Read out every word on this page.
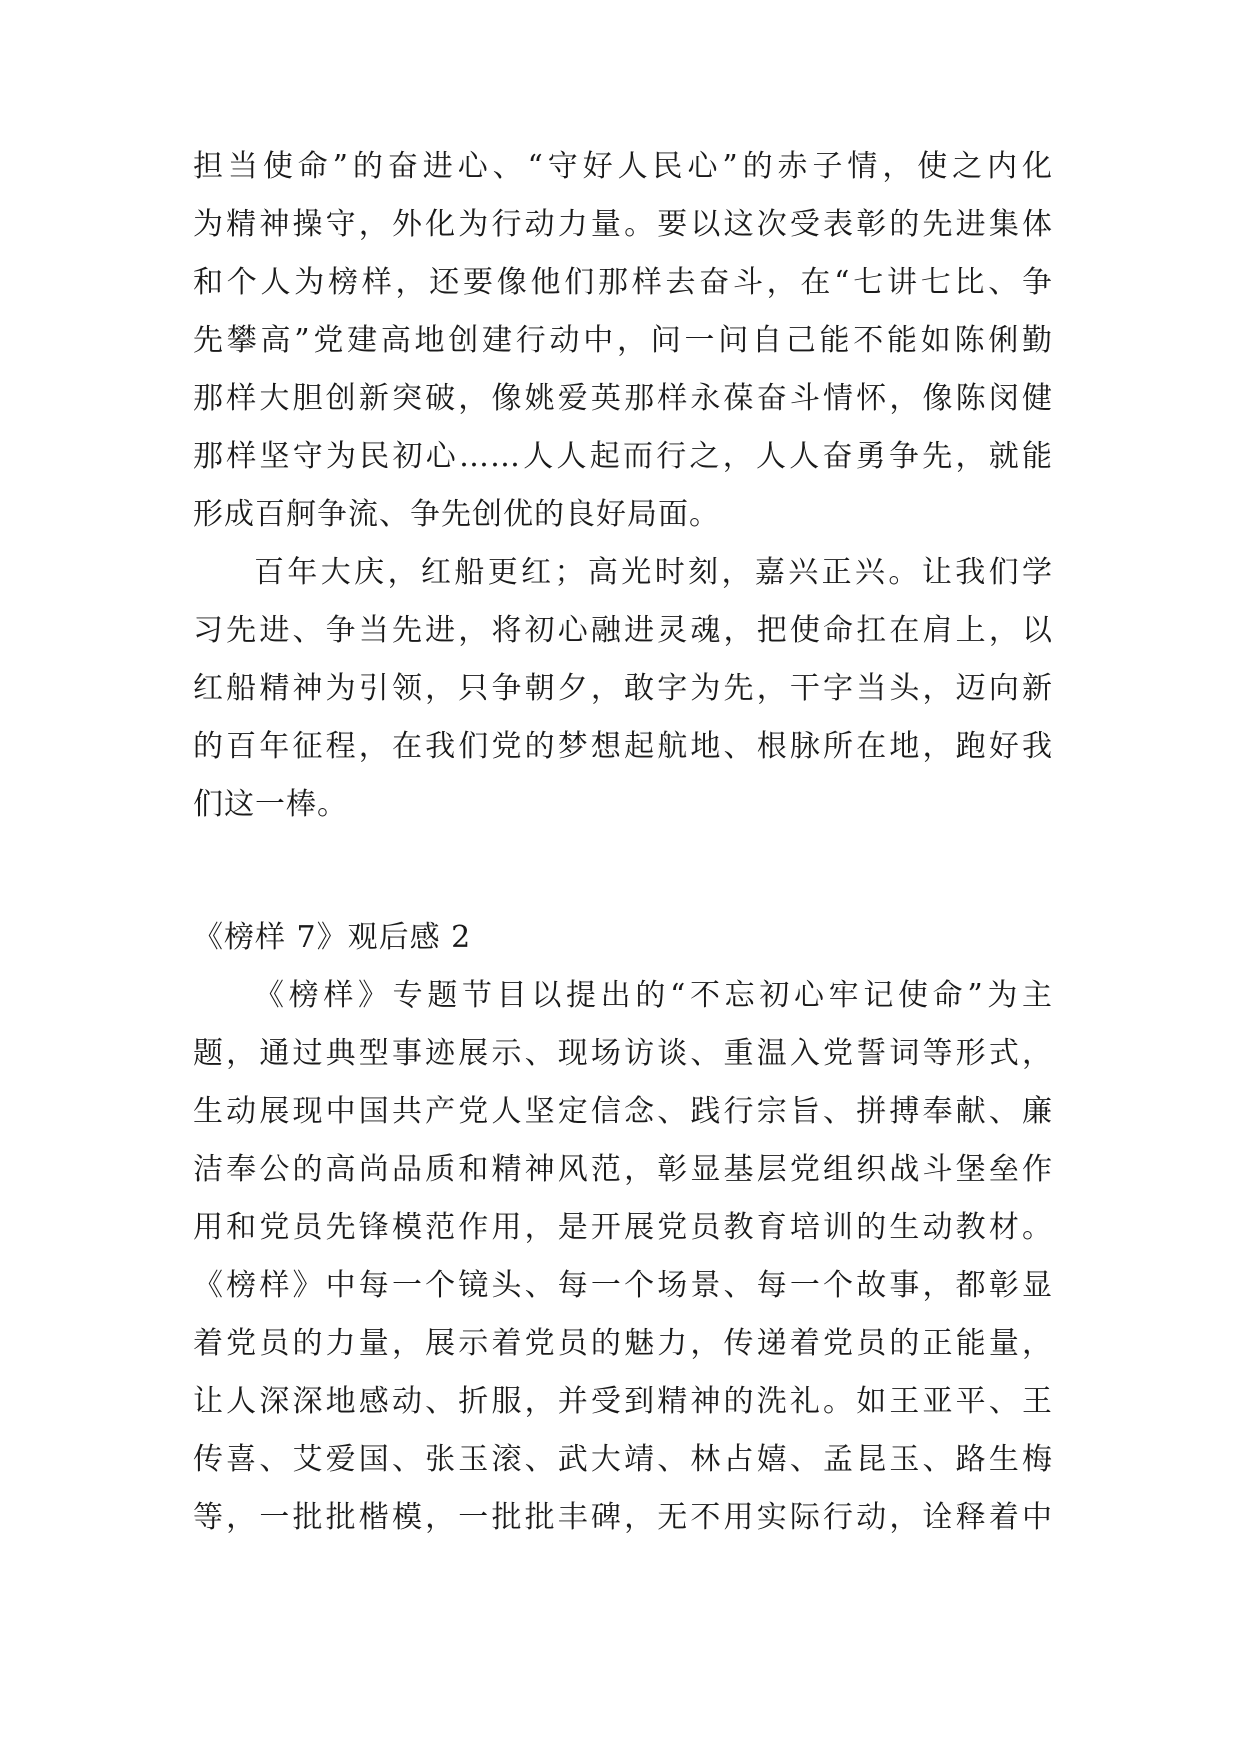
担当使命”的奋进心、“守好人民心”的赤子情，使之内化
为精神操守，外化为行动力量。要以这次受表彰的先进集体
和个人为榜样，还要像他们那样去奋斗，在“七讲七比、争
先攀高”党建高地创建行动中，问一问自己能不能如陈俐勤
那样大胆创新突破，像姚爱英那样永葆奋斗情怀，像陈闵健
那样坚守为民初心……人人起而行之，人人奋勇争先，就能
形成百舸争流、争先创优的良好局面。
百年大庆，红船更红；高光时刻，嘉兴正兴。让我们学
习先进、争当先进，将初心融进灵魂，把使命扛在肩上，以
红船精神为引领，只争朝夕，敢字为先，干字当头，迈向新
的百年征程，在我们党的梦想起航地、根脉所在地，跑好我
们这一棒。
《榜样 7》观后感 2
《榜样》专题节目以提出的“不忘初心牢记使命”为主
题，通过典型事迹展示、现场访谈、重温入党誓词等形式，
生动展现中国共产党人坚定信念、践行宗旨、拼搏奉献、廉
洁奉公的高尚品质和精神风范，彰显基层党组织战斗堡垒作
用和党员先锋模范作用，是开展党员教育培训的生动教材。
《榜样》中每一个镜头、每一个场景、每一个故事，都彰显
着党员的力量，展示着党员的魅力，传递着党员的正能量，
让人深深地感动、折服，并受到精神的洗礼。如王亚平、王
传喜、艾爱国、张玉滚、武大靖、林占嬉、孟昆玉、路生梅
等，一批批楷模，一批批丰碑，无不用实际行动，诠释着中
